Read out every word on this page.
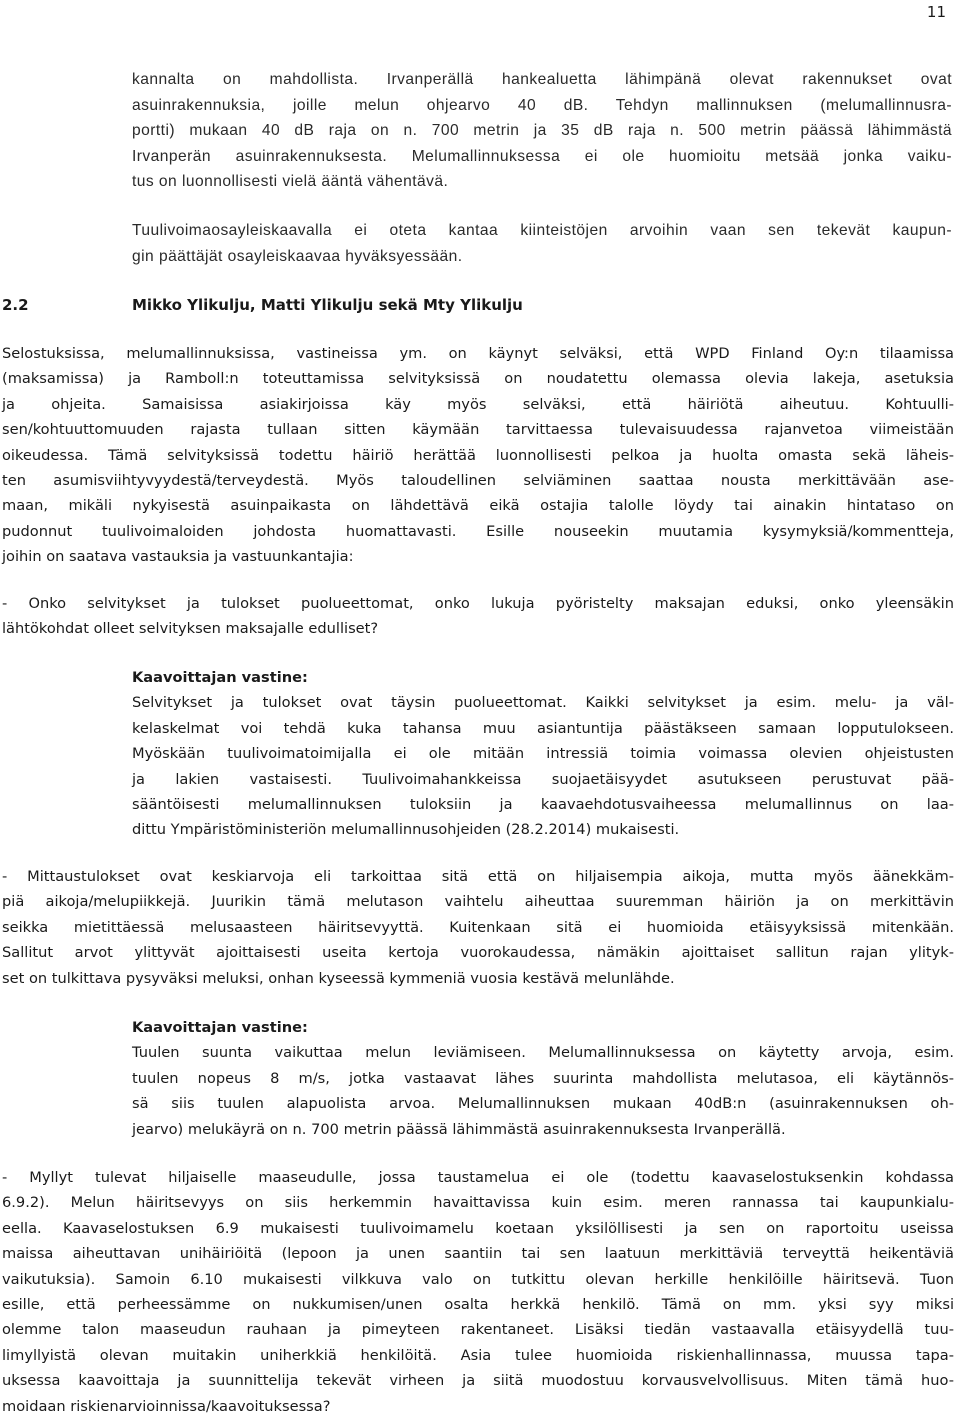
11
kannalta on mahdollista. Irvanperällä hankealuetta lähimpänä olevat rakennukset ovat
asuinrakennuksia, joille melun ohjearvo 40 dB. Tehdyn mallinnuksen (melumallinnusra-
portti) mukaan 40 dB raja on n. 700 metrin ja 35 dB raja n. 500 metrin päässä lähimmästä
Irvanperän asuinrakennuksesta. Melumallinnuksessa ei ole huomioitu metsää jonka vaiku-
tus on luonnollisesti vielä ääntä vähentävä.
Tuulivoimaosayleiskaavalla ei oteta kantaa kiinteistöjen arvoihin vaan sen tekevät kaupun-
gin päättäjät osayleiskaavaa hyväksyessään.
2.2	Mikko Ylikulju, Matti Ylikulju sekä Mty Ylikulju
Selostuksissa, melumallinnuksissa, vastineissa ym. on käynyt selväksi, että WPD Finland Oy:n tilaamissa
(maksamissa) ja Ramboll:n toteuttamissa selvityksissä on noudatettu olemassa olevia lakeja, asetuksia
ja ohjeita. Samaisissa asiakirjoissa käy myös selväksi, että häiriötä aiheutuu. Kohtuulli-
sen/kohtuuttomuuden rajasta tullaan sitten käymään tarvittaessa tulevaisuudessa rajanvetoa viimeistään
oikeudessa. Tämä selvityksissä todettu häiriö herättää luonnollisesti pelkoa ja huolta omasta sekä läheis-
ten asumisviihtyvyydestä/terveydestä. Myös taloudellinen selviäminen saattaa nousta merkittävään ase-
maan, mikäli nykyisestä asuinpaikasta on lähdettävä eikä ostajia talolle löydy tai ainakin hintataso on
pudonnut tuulivoimaloiden johdosta huomattavasti. Esille nouseekin muutamia kysymyksiä/kommentteja,
joihin on saatava vastauksia ja vastuunkantajia:
- Onko selvitykset ja tulokset puolueettomat, onko lukuja pyöristelty maksajan eduksi, onko yleensäkin
lähtökohdat olleet selvityksen maksajalle edulliset?
Kaavoittajan vastine:
Selvitykset ja tulokset ovat täysin puolueettomat. Kaikki selvitykset ja esim. melu- ja väl-
kelaskelmat voi tehdä kuka tahansa muu asiantuntija päästäkseen samaan lopputulokseen.
Myöskään tuulivoimatoimijalla ei ole mitään intressiä toimia voimassa olevien ohjeistusten
ja lakien vastaisesti. Tuulivoimahankkeissa suojaetäisyydet asutukseen perustuvat pää-
sääntöisesti melumallinnuksen tuloksiin ja kaavaehdotusvaiheessa melumallinnus on laa-
dittu Ympäristöministeriön melumallinnusohjeiden (28.2.2014) mukaisesti.
- Mittaustulokset ovat keskiarvoja eli tarkoittaa sitä että on hiljaisempia aikoja, mutta myös äänekkäm-
piä aikoja/melupiikkejä. Juurikin tämä melutason vaihtelu aiheuttaa suuremman häiriön ja on merkittävin
seikka mietittäessä melusaasteen häiritsevyyttä. Kuitenkaan sitä ei huomioida etäisyyksissä mitenkään.
Sallitut arvot ylittyvät ajoittaisesti useita kertoja vuorokaudessa, nämäkin ajoittaiset sallitun rajan ylityk-
set on tulkittava pysyväksi meluksi, onhan kyseessä kymmeniä vuosia kestävä melunlähde.
Kaavoittajan vastine:
Tuulen suunta vaikuttaa melun leviämiseen. Melumallinnuksessa on käytetty arvoja, esim.
tuulen nopeus 8 m/s, jotka vastaavat lähes suurinta mahdollista melutasoa, eli käytännös-
sä siis tuulen alapuolista arvoa. Melumallinnuksen mukaan 40dB:n (asuinrakennuksen oh-
jearvo) melukäyrä on n. 700 metrin päässä lähimmästä asuinrakennuksesta Irvanperällä.
- Myllyt tulevat hiljaiselle maaseudulle, jossa taustamelua ei ole (todettu kaavaselostuksenkin kohdassa
6.9.2). Melun häiritsevyys on siis herkemmin havaittavissa kuin esim. meren rannassa tai kaupunkialu-
eella. Kaavaselostuksen 6.9 mukaisesti tuulivoimamelu koetaan yksilöllisesti ja sen on raportoitu useissa
maissa aiheuttavan unihäiriöitä (lepoon ja unen saantiin tai sen laatuun merkittäviä terveyttä heikentäviä
vaikutuksia). Samoin 6.10 mukaisesti vilkkuva valo on tutkittu olevan herkille henkilöille häiritsevä. Tuon
esille, että perheessämme on nukkumisen/unen osalta herkkä henkilö. Tämä on mm. yksi syy miksi
olemme talon maaseudun rauhaan ja pimeyteen rakentaneet. Lisäksi tiedän vastaavalla etäisyydellä tuu-
limyllyistä olevan muitakin uniherkkiä henkilöitä. Asia tulee huomioida riskienhallinnassa, muussa tapa-
uksessa kaavoittaja ja suunnittelija tekevät virheen ja siitä muodostuu korvausvelvollisuus. Miten tämä huo-
moidaan riskienarvioinnissa/kaavoituksessa?
